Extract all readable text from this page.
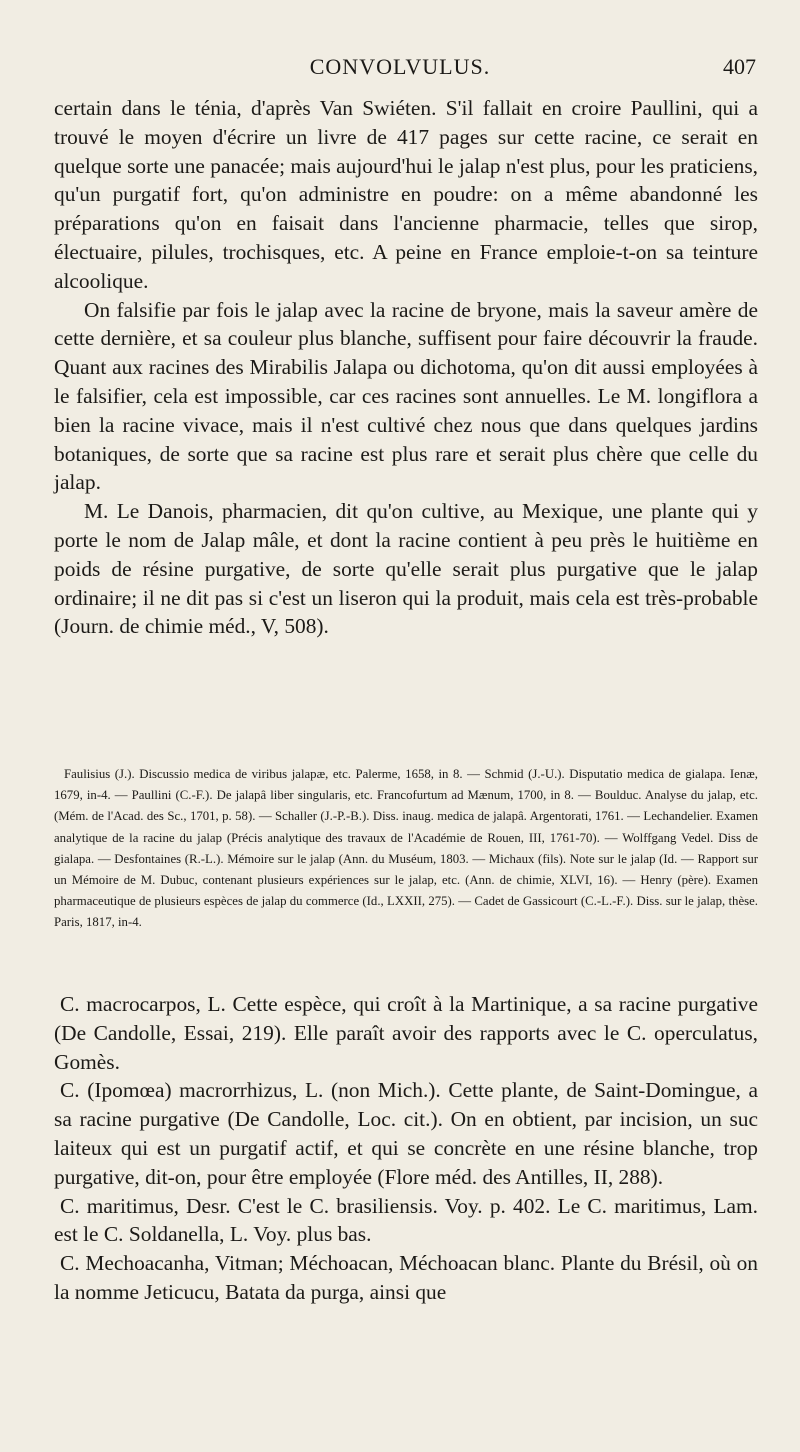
CONVOLVULUS.	407

certain dans le ténia, d'après Van Swiéten. S'il fallait en croire Paullini, qui a trouvé le moyen d'écrire un livre de 417 pages sur cette racine, ce serait en quelque sorte une panacée; mais aujourd'hui le jalap n'est plus, pour les praticiens, qu'un purgatif fort, qu'on administre en poudre: on a même abandonné les préparations qu'on en faisait dans l'ancienne pharmacie, telles que sirop, électuaire, pilules, trochisques, etc. A peine en France emploie-t-on sa teinture alcoolique.

On falsifie par fois le jalap avec la racine de bryone, mais la saveur amère de cette dernière, et sa couleur plus blanche, suffisent pour faire découvrir la fraude. Quant aux racines des Mirabilis Jalapa ou dichotoma, qu'on dit aussi employées à le falsifier, cela est impossible, car ces racines sont annuelles. Le M. longiflora a bien la racine vivace, mais il n'est cultivé chez nous que dans quelques jardins botaniques, de sorte que sa racine est plus rare et serait plus chère que celle du jalap.

M. Le Danois, pharmacien, dit qu'on cultive, au Mexique, une plante qui y porte le nom de Jalap mâle, et dont la racine contient à peu près le huitième en poids de résine purgative, de sorte qu'elle serait plus purgative que le jalap ordinaire; il ne dit pas si c'est un liseron qui la produit, mais cela est très-probable (Journ. de chimie méd., V, 508).

Faulisius (J.). Discussio medica de viribus jalapæ, etc. Palerme, 1658, in 8. — Schmid (J.-U.). Disputatio medica de gialapa. Ienæ, 1679, in-4. — Paullini (C.-F.). De jalapâ liber singularis, etc. Francofurtum ad Mænum, 1700, in 8. — Boulduc. Analyse du jalap, etc. (Mém. de l'Acad. des Sc., 1701, p. 58). — Schaller (J.-P.-B.). Diss. inaug. medica de jalapâ. Argentorati, 1761. — Lechandelier. Examen analytique de la racine du jalap (Précis analytique des travaux de l'Académie de Rouen, III, 1761-70). — Wolffgang Vedel. Diss de gialapa. — Desfontaines (R.-L.). Mémoire sur le jalap (Ann. du Muséum, 1803. — Michaux (fils). Note sur le jalap (Id. — Rapport sur un Mémoire de M. Dubuc, contenant plusieurs expériences sur le jalap, etc. (Ann. de chimie, XLVI, 16). — Henry (père). Examen pharmaceutique de plusieurs espèces de jalap du commerce (Id., LXXII, 275). — Cadet de Gassicourt (C.-L.-F.). Diss. sur le jalap, thèse. Paris, 1817, in-4.

C. macrocarpos, L. Cette espèce, qui croît à la Martinique, a sa racine purgative (De Candolle, Essai, 219). Elle paraît avoir des rapports avec le C. operculatus, Gomès.

C. (Ipomœa) macrorrhizus, L. (non Mich.). Cette plante, de Saint-Domingue, a sa racine purgative (De Candolle, Loc. cit.). On en obtient, par incision, un suc laiteux qui est un purgatif actif, et qui se concrète en une résine blanche, trop purgative, dit-on, pour être employée (Flore méd. des Antilles, II, 288).

C. maritimus, Desr. C'est le C. brasiliensis. Voy. p. 402. Le C. maritimus, Lam. est le C. Soldanella, L. Voy. plus bas.

C. Mechoacanha, Vitman; Méchoacan, Méchoacan blanc. Plante du Brésil, où on la nomme Jeticucu, Batata da purga, ainsi que
